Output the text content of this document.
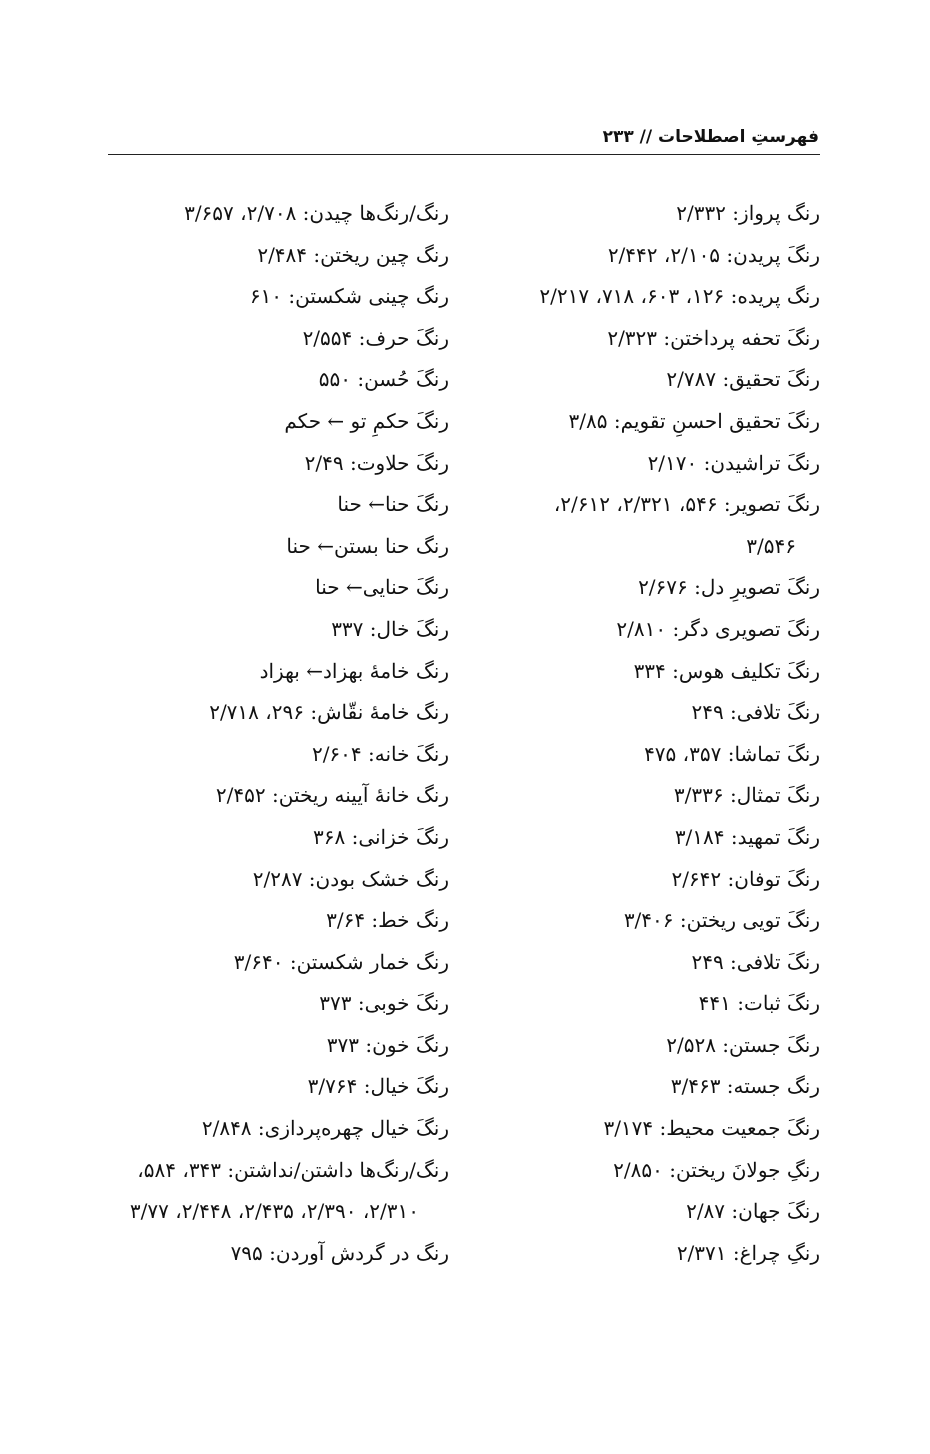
فهرستِ اصطلاحات // ۲۳۳
رنگ پرواز: ۲/۳۳۲
رنگَ پریدن: ۲/۱۰۵، ۲/۴۴۲
رنگ پریده: ۱۲۶، ۶۰۳، ۷۱۸، ۲/۲۱۷
رنگَ تحفه پرداختن: ۲/۳۲۳
رنگَ تحقیق: ۲/۷۸۷
رنگَ تحقیق احسنِ تقویم: ۳/۸۵
رنگَ تراشیدن: ۲/۱۷۰
رنگَ تصویر: ۵۴۶، ۲/۳۲۱، ۲/۶۱۲،
۳/۵۴۶
رنگَ تصویرِ دل: ۲/۶۷۶
رنگَ تصویری دگر: ۲/۸۱۰
رنگَ تکلیف هوس: ۳۳۴
رنگَ تلافی: ۲۴۹
رنگَ تماشا: ۳۵۷، ۴۷۵
رنگَ تمثال: ۳/۳۳۶
رنگَ تمهید: ۳/۱۸۴
رنگَ توفان: ۲/۶۴۲
رنگَ تویی ریختن: ۳/۴۰۶
رنگَ تلافی: ۲۴۹
رنگَ ثبات: ۴۴۱
رنگَ جستن: ۲/۵۲۸
رنگ جسته: ۳/۴۶۳
رنگَ جمعیت محیط: ۳/۱۷۴
رنگِ جولانَ ریختن: ۲/۸۵۰
رنگَ جهان: ۲/۸۷
رنگِ چراغ: ۲/۳۷۱
رنگ/رنگ‌ها چیدن: ۲/۷۰۸، ۳/۶۵۷
رنگ چین ریختن: ۲/۴۸۴
رنگ چینی شکستن: ۶۱۰
رنگَ حرف: ۲/۵۵۴
رنگَ حُسن: ۵۵۰
رنگَ حکمِ تو ← حکم
رنگَ حلاوت: ۲/۴۹
رنگَ حنا← حنا
رنگ حنا بستن← حنا
رنگَ حنایی← حنا
رنگَ خال: ۳۳۷
رنگ خامهٔ بهزاد← بهزاد
رنگ خامهٔ نقّاش: ۲۹۶، ۲/۷۱۸
رنگَ خانه: ۲/۶۰۴
رنگ خانهٔ آیینه ریختن: ۲/۴۵۲
رنگَ خزانی: ۳۶۸
رنگ خشک بودن: ۲/۲۸۷
رنگ خط: ۳/۶۴
رنگ خمار شکستن: ۳/۶۴۰
رنگَ خوبی: ۳۷۳
رنگَ خون: ۳۷۳
رنگَ خیال: ۳/۷۶۴
رنگَ خیال چهره‌پردازی: ۲/۸۴۸
رنگ/رنگ‌ها داشتن/نداشتن: ۳۴۳، ۵۸۴،
۲/۳۱۰، ۲/۳۹۰، ۲/۴۳۵، ۲/۴۴۸، ۳/۷۷
رنگ در گردش آوردن: ۷۹۵
